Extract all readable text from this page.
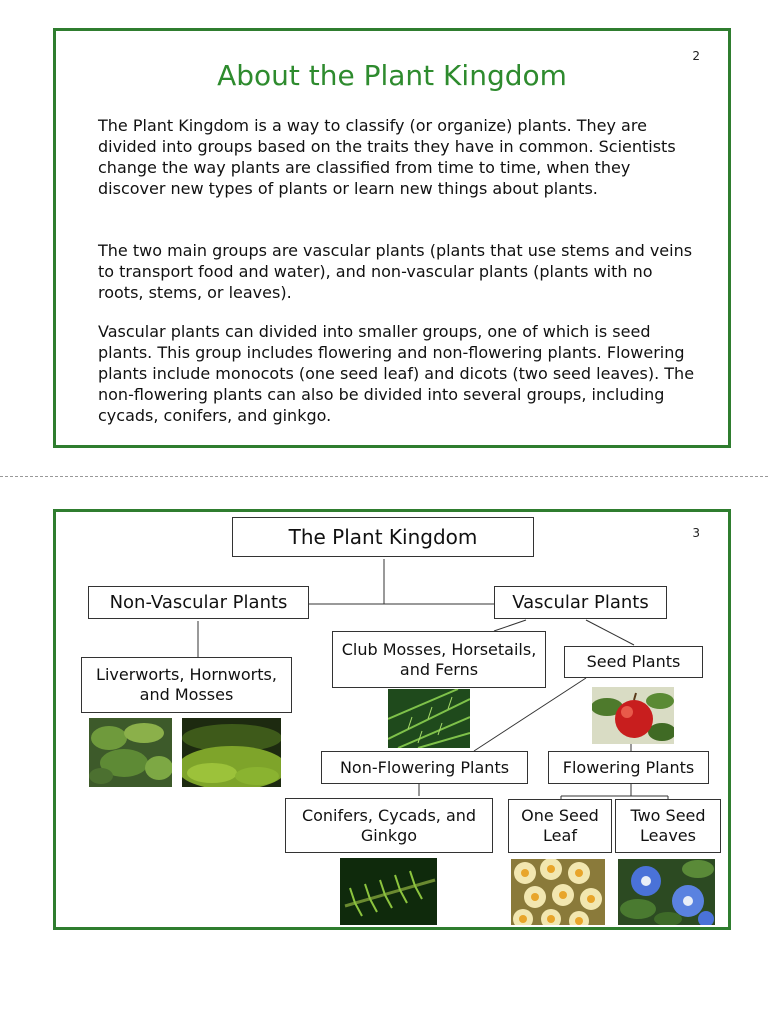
2
About the Plant Kingdom

The Plant Kingdom is a way to classify (or organize) plants. They are divided into groups based on the traits they have in common. Scientists change the way plants are classified from time to time, when they discover new types of plants or learn new things about plants.

The two main groups are vascular plants (plants that use stems and veins to transport food and water), and non-vascular plants (plants with no roots, stems, or leaves).

Vascular plants can divided into smaller groups, one of which is seed plants. This group includes flowering and non-flowering plants. Flowering plants include monocots (one seed leaf) and dicots (two seed leaves). The non-flowering plants can also be divided into several groups, including cycads, conifers, and ginkgo.

3
The Plant Kingdom
Non-Vascular Plants	Vascular Plants
Liverworts, Hornworts, and Mosses
Club Mosses, Horsetails, and Ferns	Seed Plants
Non-Flowering Plants	Flowering Plants
Conifers, Cycads, and Ginkgo
One Seed Leaf
Two Seed Leaves
